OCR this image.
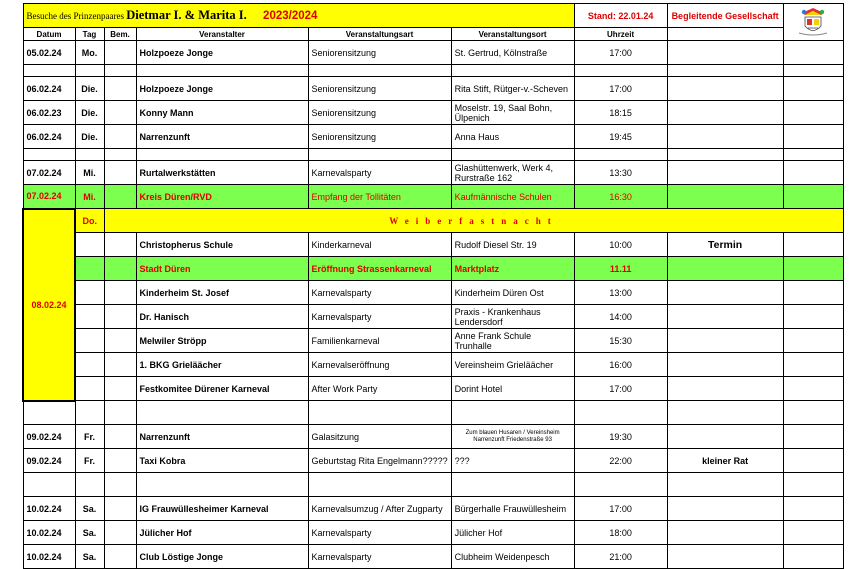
Besuche des Prinzenpaares Dietmar I. & Marita I. 2023/2024						Stand: 22.01.24	Begleitende Gesellschaft	

Datum	Tag	Bem.	Veranstalter	Veranstaltungsart	Veranstaltungsort	Uhrzeit		
05.02.24	Mo.		Holzpoeze Jonge	Seniorensitzung	St. Gertrud, Kölnstraße	17:00		

06.02.24	Die.		Holzpoeze Jonge	Seniorensitzung	Rita Stift, Rütger-v.-Scheven	17:00		
06.02.23	Die.		Konny Mann	Seniorensitzung	Moselstr. 19, Saal Bohn, Ülpenich	18:15		
06.02.24	Die.		Narrenzunft	Seniorensitzung	Anna Haus	19:45		

07.02.24	Mi.		Rurtalwerkstätten	Karnevalsparty	Glashüttenwerk, Werk 4, Rurstraße 162	13:30		
07.02.24	Mi.		Kreis Düren/RVD	Empfang der Tollitäten	Kaufmännische Schulen	16:30		
08.02.24	Do.	Weiberfastnacht						
			Christopherus Schule	Kinderkarneval	Rudolf Diesel Str. 19	10:00	Termin	
			Stadt Düren	Eröffnung Strassenkarneval	Marktplatz	11.11		
			Kinderheim St. Josef	Karnevalsparty	Kinderheim Düren Ost	13:00		
			Dr. Hanisch	Karnevalsparty	Praxis - Krankenhaus Lendersdorf	14:00		
			Melwiler Ströpp	Familienkarneval	Anne Frank Schule Trunhalle	15:30		
			1. BKG Grieläächer	Karnevalseröffnung	Vereinsheim Grieläächer	16:00		
			Festkomitee Dürener Karneval	After Work Party	Dorint Hotel	17:00		

09.02.24	Fr.		Narrenzunft	Galasitzung	Zum blauen Husaren / Vereinsheim Narrenzunft Friedenstraße 93	19:30		
09.02.24	Fr.		Taxi Kobra	Geburtstag Rita Engelmann?????	???	22:00	kleiner Rat	

10.02.24	Sa.		IG Frauwüllesheimer Karneval	Karnevalsumzug / After Zugparty	Bürgerhalle Frauwüllesheim	17:00		
10.02.24	Sa.		Jülicher Hof	Karnevalsparty	Jülicher Hof	18:00		
10.02.24	Sa.		Club Löstige Jonge	Karnevalsparty	Clubheim Weidenpesch	21:00		
